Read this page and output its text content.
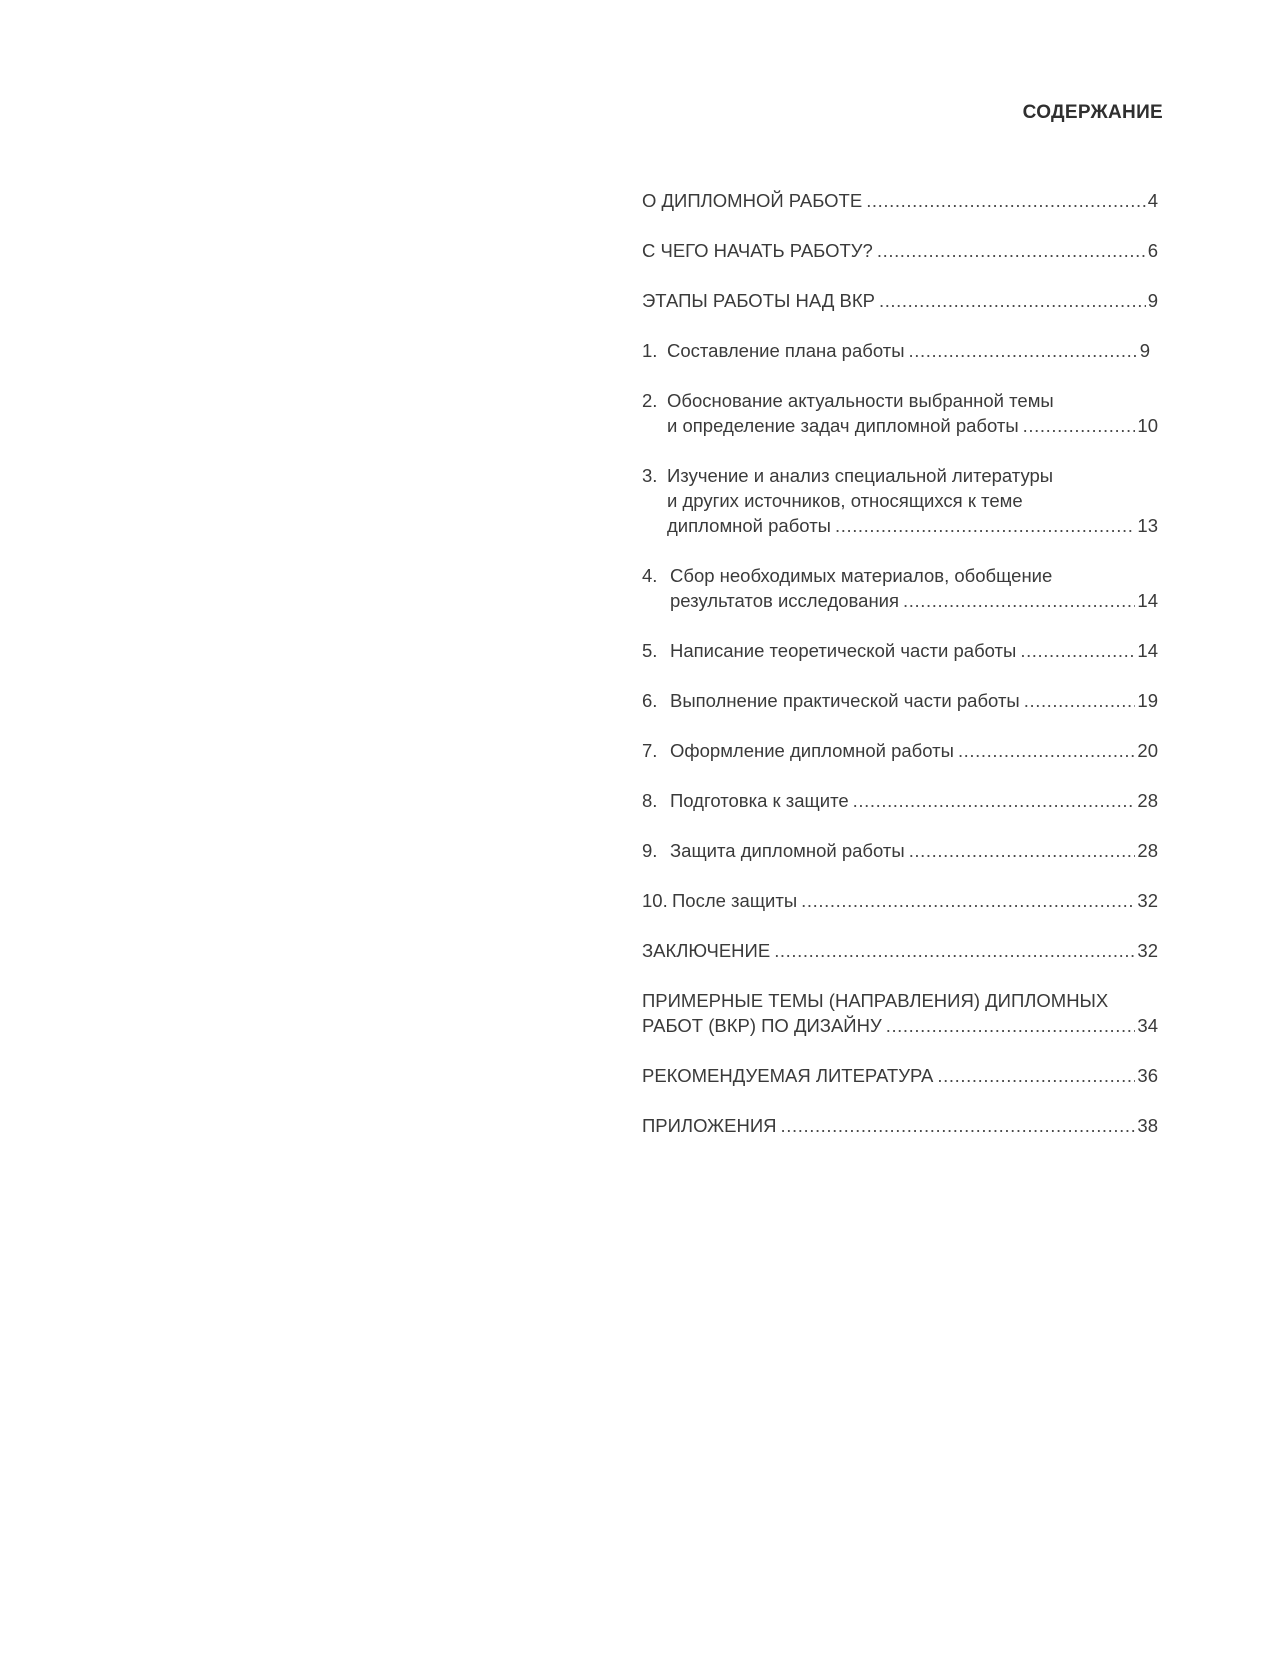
СОДЕРЖАНИЕ
О ДИПЛОМНОЙ РАБОТЕ .....	4
С ЧЕГО НАЧАТЬ РАБОТУ? .....	6
ЭТАПЫ РАБОТЫ НАД ВКР .....	9
1. Составление плана работы .....	9
2. Обоснование актуальности выбранной темы
и определение задач дипломной работы .....	10
3. Изучение и анализ специальной литературы
и других источников, относящихся к теме
дипломной работы .....	13
4. Сбор необходимых материалов, обобщение
результатов исследования .....	14
5. Написание теоретической части работы .....	14
6. Выполнение практической части работы .....	19
7. Оформление дипломной работы .....	20
8. Подготовка к защите .....	28
9. Защита дипломной работы .....	28
10. После защиты .....	32
ЗАКЛЮЧЕНИЕ .....	32
ПРИМЕРНЫЕ ТЕМЫ (НАПРАВЛЕНИЯ) ДИПЛОМНЫХ
РАБОТ (ВКР) ПО ДИЗАЙНУ .....	34
РЕКОМЕНДУЕМАЯ ЛИТЕРАТУРА .....	36
ПРИЛОЖЕНИЯ .....	38
